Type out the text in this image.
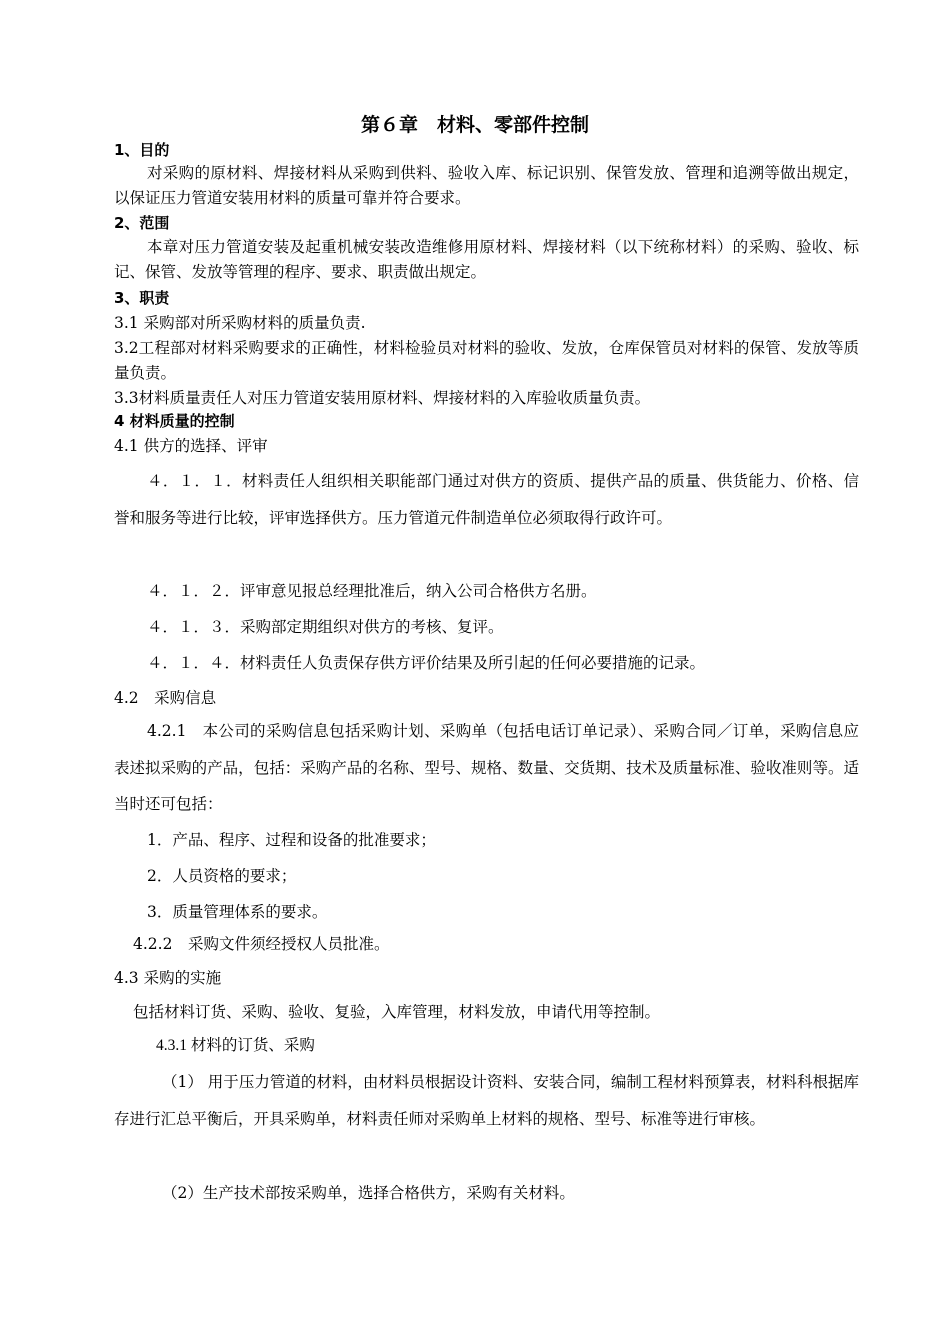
第６章　材料、零部件控制
1、目的
对采购的原材料、焊接材料从采购到供料、验收入库、标记识别、保管发放、管理和追溯等做出规定，以保证压力管道安装用材料的质量可靠并符合要求。
2、范围
本章对压力管道安装及起重机械安装改造维修用原材料、焊接材料（以下统称材料）的采购、验收、标记、保管、发放等管理的程序、要求、职责做出规定。
3、职责
3.1 采购部对所采购材料的质量负责.
3.2工程部对材料采购要求的正确性，材料检验员对材料的验收、发放，仓库保管员对材料的保管、发放等质量负责。
3.3材料质量责任人对压力管道安装用原材料、焊接材料的入库验收质量负责。
4 材料质量的控制
4.1 供方的选择、评审
４．１．１．材料责任人组织相关职能部门通过对供方的资质、提供产品的质量、供货能力、价格、信誉和服务等进行比较，评审选择供方。压力管道元件制造单位必须取得行政许可。
４．１．２．评审意见报总经理批准后，纳入公司合格供方名册。
４．１．３．采购部定期组织对供方的考核、复评。
４．１．４．材料责任人负责保存供方评价结果及所引起的任何必要措施的记录。
4.2　采购信息
4.2.1　本公司的采购信息包括采购计划、采购单（包括电话订单记录）、采购合同／订单，采购信息应表述拟采购的产品，包括：采购产品的名称、型号、规格、数量、交货期、技术及质量标准、验收准则等。适当时还可包括：
1．产品、程序、过程和设备的批准要求；
2．人员资格的要求；
3．质量管理体系的要求。
4.2.2　采购文件须经授权人员批准。
4.3 采购的实施
包括材料订货、采购、验收、复验，入库管理，材料发放，申请代用等控制。
4.3.1 材料的订货、采购
（1） 用于压力管道的材料，由材料员根据设计资料、安装合同，编制工程材料预算表，材料科根据库存进行汇总平衡后，开具采购单，材料责任师对采购单上材料的规格、型号、标准等进行审核。
（2）生产技术部按采购单，选择合格供方，采购有关材料。
